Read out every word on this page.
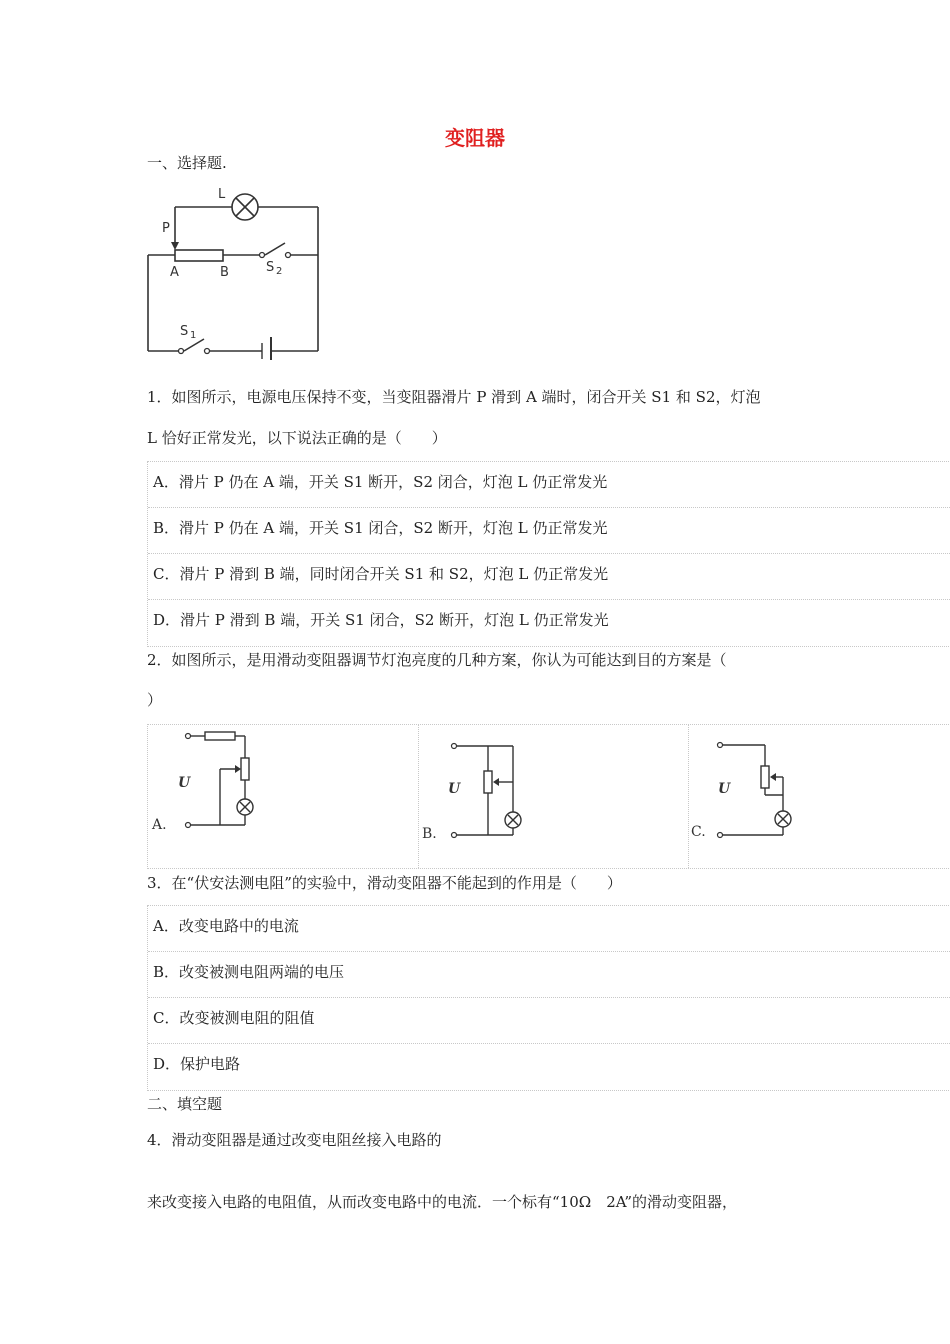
变阻器
一、选择题.
L
P
A	B	S 2
S 1
1．如图所示，电源电压保持不变，当变阻器滑片 P 滑到 A 端时，闭合开关 S1 和 S2，灯泡
L 恰好正常发光，以下说法正确的是（　　）
A．滑片 P 仍在 A 端，开关 S1 断开，S2 闭合，灯泡 L 仍正常发光
B．滑片 P 仍在 A 端，开关 S1 闭合，S2 断开，灯泡 L 仍正常发光
C．滑片 P 滑到 B 端，同时闭合开关 S1 和 S2，灯泡 L 仍正常发光
D．滑片 P 滑到 B 端，开关 S1 闭合，S2 断开，灯泡 L 仍正常发光
2．如图所示，是用滑动变阻器调节灯泡亮度的几种方案，你认为可能达到目的方案是（
）
U
A.
U
B.
U
C.
3．在“伏安法测电阻”的实验中，滑动变阻器不能起到的作用是（　　）
A．改变电路中的电流
B．改变被测电阻两端的电压
C．改变被测电阻的阻值
D．保护电路
二、填空题
4．滑动变阻器是通过改变电阻丝接入电路的
来改变接入电路的电阻值，从而改变电路中的电流．一个标有“10Ω　2A”的滑动变阻器，
